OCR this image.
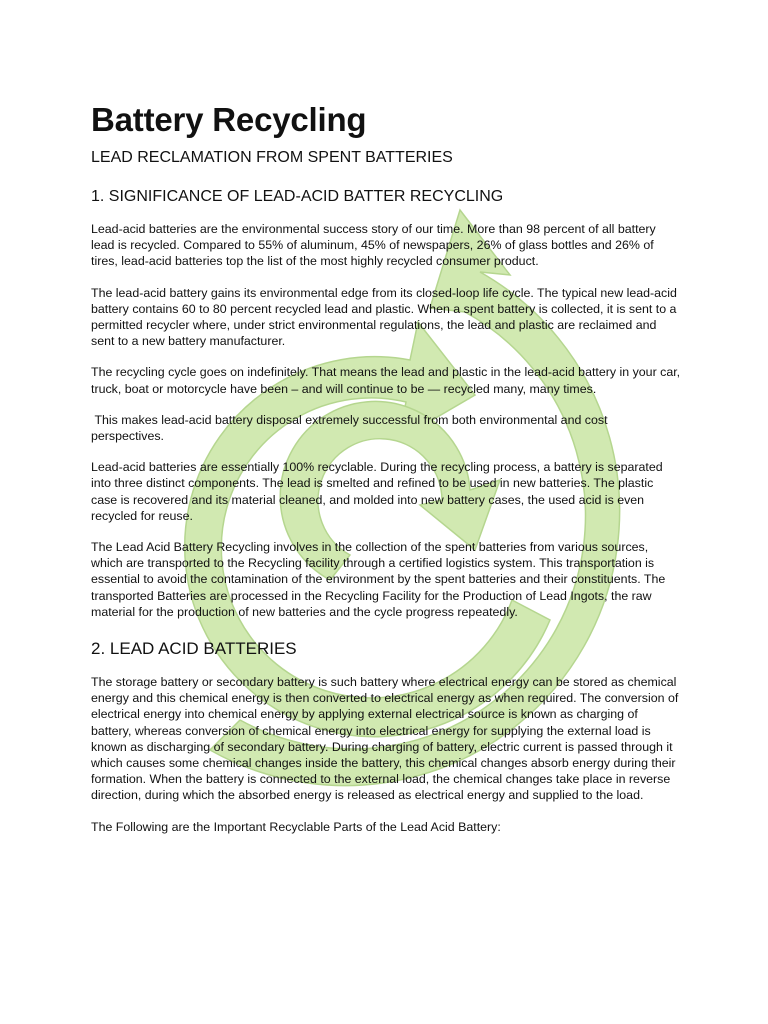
Battery Recycling
LEAD RECLAMATION FROM SPENT BATTERIES
1. SIGNIFICANCE OF LEAD-ACID BATTER RECYCLING

Lead-acid batteries are the environmental success story of our time. More than 98 percent of all battery lead is recycled. Compared to 55% of aluminum, 45% of newspapers, 26% of glass bottles and 26% of tires, lead-acid batteries top the list of the most highly recycled consumer product.

The lead-acid battery gains its environmental edge from its closed-loop life cycle. The typical new lead-acid battery contains 60 to 80 percent recycled lead and plastic. When a spent battery is collected, it is sent to a permitted recycler where, under strict environmental regulations, the lead and plastic are reclaimed and sent to a new battery manufacturer.

The recycling cycle goes on indefinitely. That means the lead and plastic in the lead-acid battery in your car, truck, boat or motorcycle have been – and will continue to be — recycled many, many times.

This makes lead-acid battery disposal extremely successful from both environmental and cost perspectives.

Lead-acid batteries are essentially 100% recyclable. During the recycling process, a battery is separated into three distinct components. The lead is smelted and refined to be used in new batteries. The plastic case is recovered and its material cleaned, and molded into new battery cases, the used acid is even recycled for reuse.

The Lead Acid Battery Recycling involves in the collection of the spent batteries from various sources, which are transported to the Recycling facility through a certified logistics system. This transportation is essential to avoid the contamination of the environment by the spent batteries and their constituents. The transported Batteries are processed in the Recycling Facility for the Production of Lead Ingots, the raw material for the production of new batteries and the cycle progress repeatedly.

2. LEAD ACID BATTERIES

The storage battery or secondary battery is such battery where electrical energy can be stored as chemical energy and this chemical energy is then converted to electrical energy as when required. The conversion of electrical energy into chemical energy by applying external electrical source is known as charging of battery, whereas conversion of chemical energy into electrical energy for supplying the external load is known as discharging of secondary battery. During charging of battery, electric current is passed through it which causes some chemical changes inside the battery, this chemical changes absorb energy during their formation. When the battery is connected to the external load, the chemical changes take place in reverse direction, during which the absorbed energy is released as electrical energy and supplied to the load.

The Following are the Important Recyclable Parts of the Lead Acid Battery:
